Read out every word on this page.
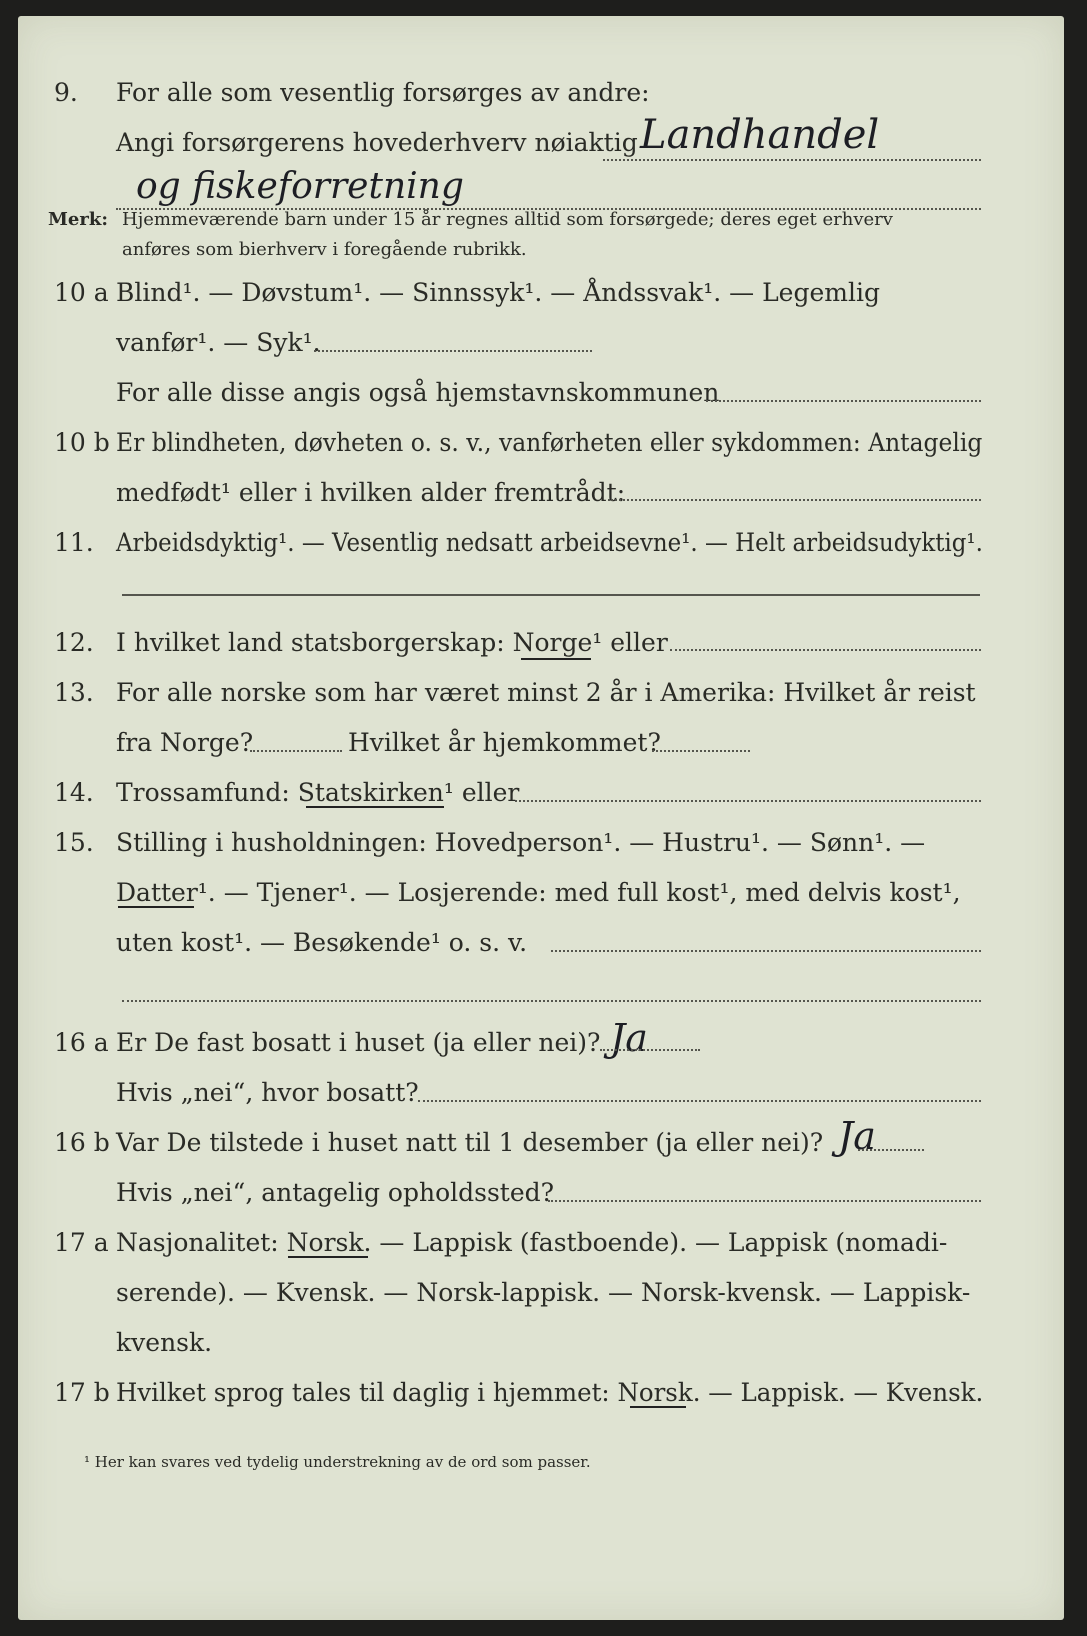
9. For alle som vesentlig forsørges av andre:
Angi forsørgerens hovederhverv nøiaktig Landhandel
og fiskeforretning
Merk: Hjemmeværende barn under 15 år regnes alltid som forsørgede; deres eget erhverv
anføres som bierhverv i foregående rubrikk.
10 a Blind¹. — Døvstum¹. — Sinnssyk¹. — Åndssvak¹. — Legemlig
vanfør¹. — Syk¹.
For alle disse angis også hjemstavnskommunen
10 b Er blindheten, døvheten o. s. v., vanførheten eller sykdommen: Antagelig
medfødt¹ eller i hvilken alder fremtrådt:
11. Arbeidsdyktig¹. — Vesentlig nedsatt arbeidsevne¹. — Helt arbeidsudyktig¹.
12. I hvilket land statsborgerskap: Norge¹ eller
13. For alle norske som har været minst 2 år i Amerika: Hvilket år reist
fra Norge?	Hvilket år hjemkommet?
14. Trossamfund: Statskirken¹ eller
15. Stilling i husholdningen: Hovedperson¹. — Hustru¹. — Sønn¹. —
Datter¹. — Tjener¹. — Losjerende: med full kost¹, med delvis kost¹,
uten kost¹. — Besøkende¹ o. s. v.
16 a Er De fast bosatt i huset (ja eller nei)? Ja
Hvis „nei“, hvor bosatt?
16 b Var De tilstede i huset natt til 1 desember (ja eller nei)? Ja
Hvis „nei“, antagelig opholdssted?
17 a Nasjonalitet: Norsk. — Lappisk (fastboende). — Lappisk (nomadi-
serende). — Kvensk. — Norsk-lappisk. — Norsk-kvensk. — Lappisk-
kvensk.
17 b Hvilket sprog tales til daglig i hjemmet: Norsk. — Lappisk. — Kvensk.
¹ Her kan svares ved tydelig understrekning av de ord som passer.
